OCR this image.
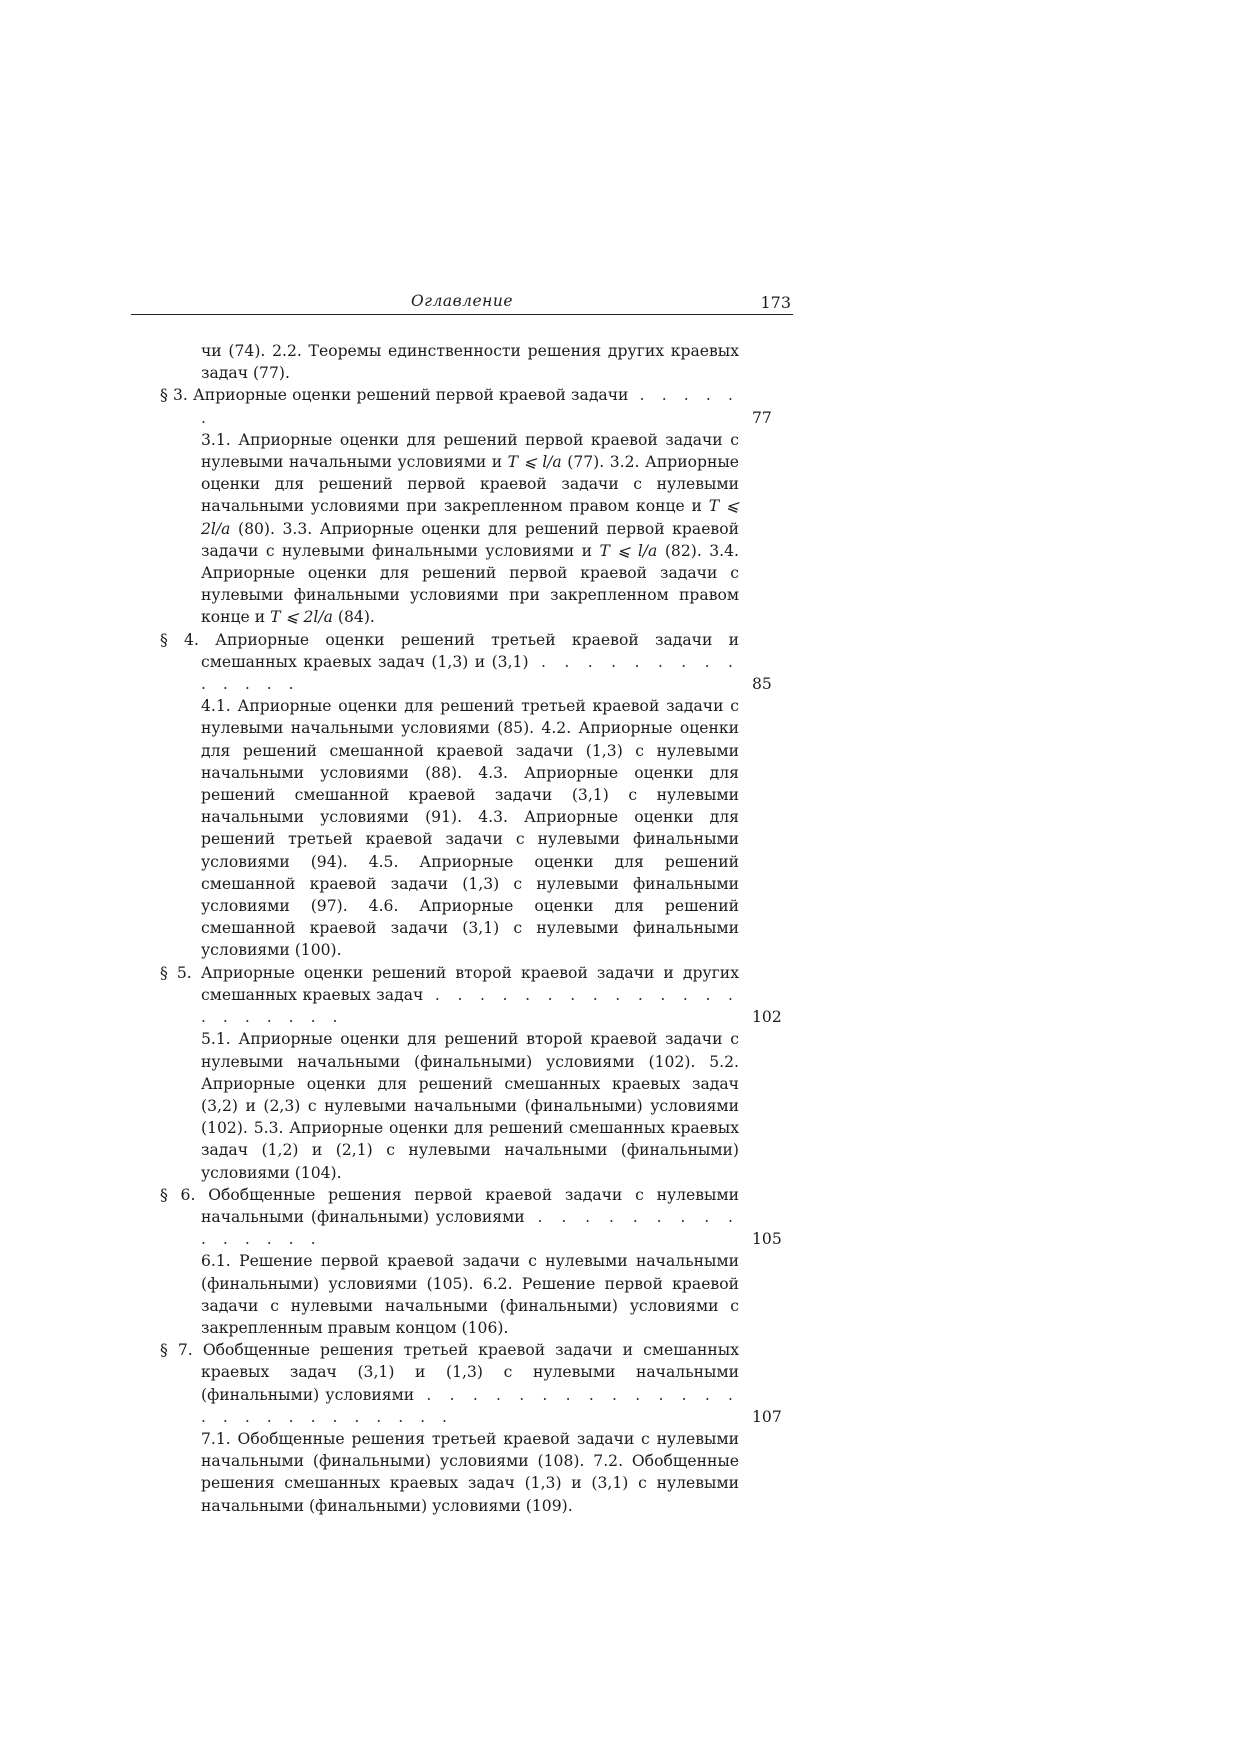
Оглавление	173
чи (74). 2.2. Теоремы единственности решения других краевых задач (77).
§ 3. Априорные оценки решений первой краевой задачи . . . . . .	77
3.1. Априорные оценки для решений первой краевой задачи с нулевыми начальными условиями и T ⩽ l/a (77). 3.2. Априорные оценки для решений первой краевой задачи с нулевыми начальными условиями при закрепленном правом конце и T ⩽ 2l/a (80). 3.3. Априорные оценки для решений первой краевой задачи с нулевыми финальными условиями и T ⩽ l/a (82). 3.4. Априорные оценки для решений первой краевой задачи с нулевыми финальными условиями при закрепленном правом конце и T ⩽ 2l/a (84).
§ 4. Априорные оценки решений третьей краевой задачи и смешанных краевых задач (1,3) и (3,1) . . . . . . . . . . . . . .	85
4.1. Априорные оценки для решений третьей краевой задачи с нулевыми начальными условиями (85). 4.2. Априорные оценки для решений смешанной краевой задачи (1,3) с нулевыми начальными условиями (88). 4.3. Априорные оценки для решений смешанной краевой задачи (3,1) с нулевыми начальными условиями (91). 4.3. Априорные оценки для решений третьей краевой задачи с нулевыми финальными условиями (94). 4.5. Априорные оценки для решений смешанной краевой задачи (1,3) с нулевыми финальными условиями (97). 4.6. Априорные оценки для решений смешанной краевой задачи (3,1) с нулевыми финальными условиями (100).
§ 5. Априорные оценки решений второй краевой задачи и других смешанных краевых задач . . . . . . . . . . . . . . . . . . . . .	102
5.1. Априорные оценки для решений второй краевой задачи с нулевыми начальными (финальными) условиями (102). 5.2. Априорные оценки для решений смешанных краевых задач (3,2) и (2,3) с нулевыми начальными (финальными) условиями (102). 5.3. Априорные оценки для решений смешанных краевых задач (1,2) и (2,1) с нулевыми начальными (финальными) условиями (104).
§ 6. Обобщенные решения первой краевой задачи с нулевыми начальными (финальными) условиями . . . . . . . . . . . . . . .	105
6.1. Решение первой краевой задачи с нулевыми начальными (финальными) условиями (105). 6.2. Решение первой краевой задачи с нулевыми начальными (финальными) условиями с закрепленным правым концом (106).
§ 7. Обобщенные решения третьей краевой задачи и смешанных краевых задач (3,1) и (1,3) с нулевыми начальными (финальными) условиями . . . . . . . . . . . . . . . . . . . . . . . . . .	107
7.1. Обобщенные решения третьей краевой задачи с нулевыми начальными (финальными) условиями (108). 7.2. Обобщенные решения смешанных краевых задач (1,3) и (3,1) с нулевыми начальными (финальными) условиями (109).
